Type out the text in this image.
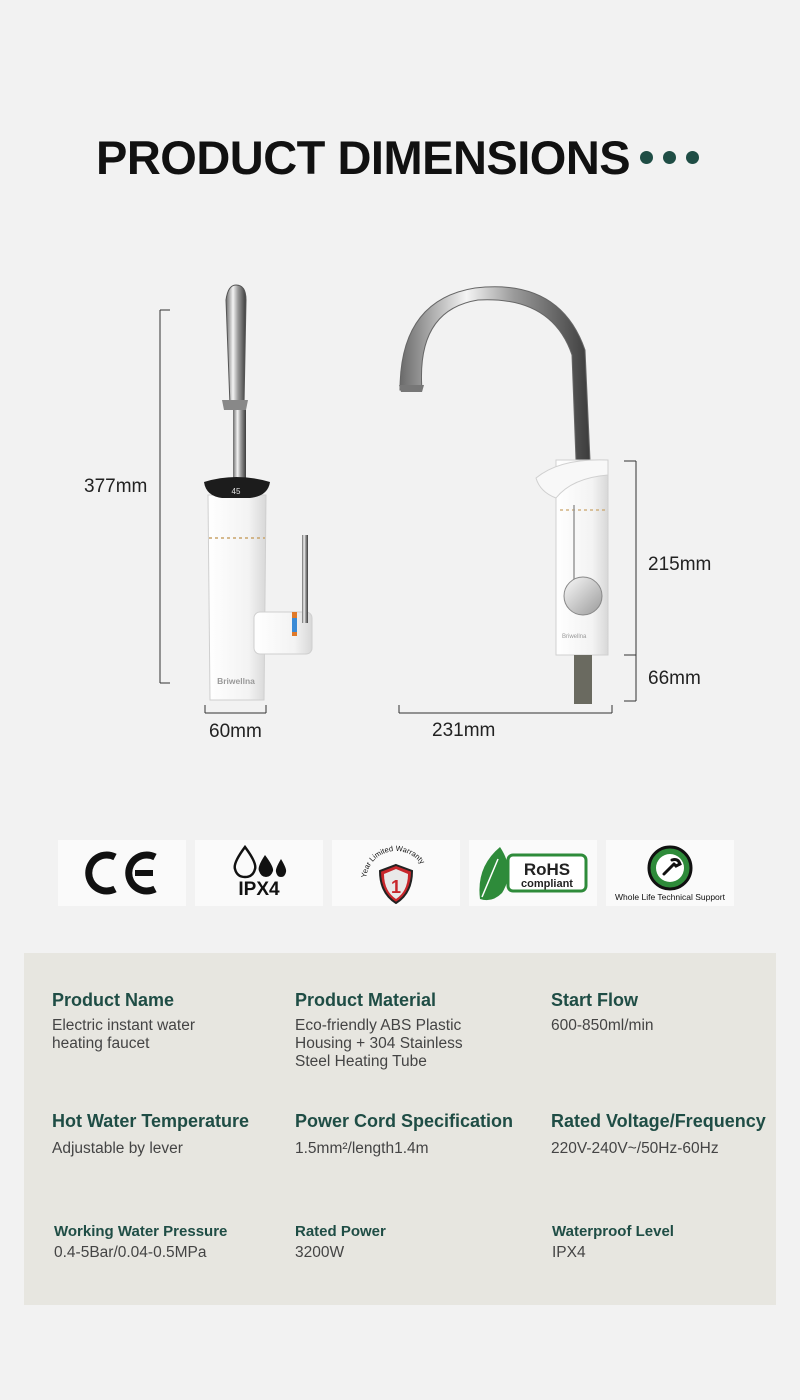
PRODUCT DIMENSIONS
45
Briwellna
Briwellna
377mm
60mm	231mm
215mm
66mm
IPX4
Year Limited Warranty
1
RoHS
compliant
Whole Life Technical Support
Product Name
Electric instant water heating faucet
Product Material
Eco-friendly ABS Plastic Housing + 304 Stainless Steel Heating Tube
Start Flow
600-850ml/min
Hot Water Temperature
Adjustable by lever
Power Cord Specification
1.5mm²/length1.4m
Rated Voltage/Frequency
220V-240V~/50Hz-60Hz
Working Water Pressure
0.4-5Bar/0.04-0.5MPa
Rated Power
3200W
Waterproof Level
IPX4
